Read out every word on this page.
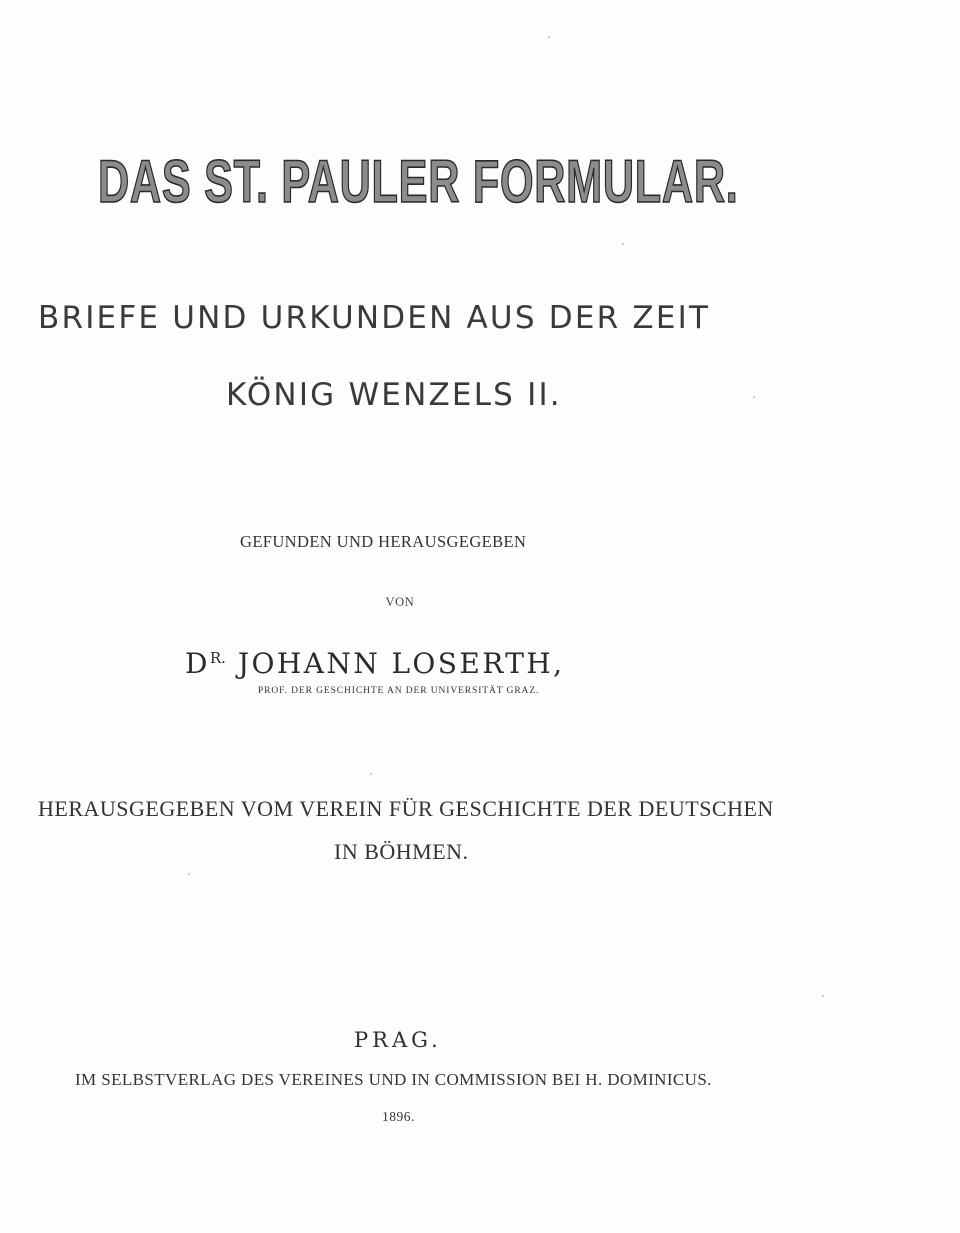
DAS ST. PAULER FORMULAR.
BRIEFE UND URKUNDEN AUS DER ZEIT
KÖNIG WENZELS II.
GEFUNDEN UND HERAUSGEGEBEN
VON
$D^{R.}$ JOHANN LOSERTH,
PROF. DER GESCHICHTE AN DER UNIVERSITÄT GRAZ.
HERAUSGEGEBEN VOM VEREIN FÜR GESCHICHTE DER DEUTSCHEN
IN BÖHMEN.
PRAG.
IM SELBSTVERLAG DES VEREINES UND IN COMMISSION BEI H. DOMINICUS.
1896.
